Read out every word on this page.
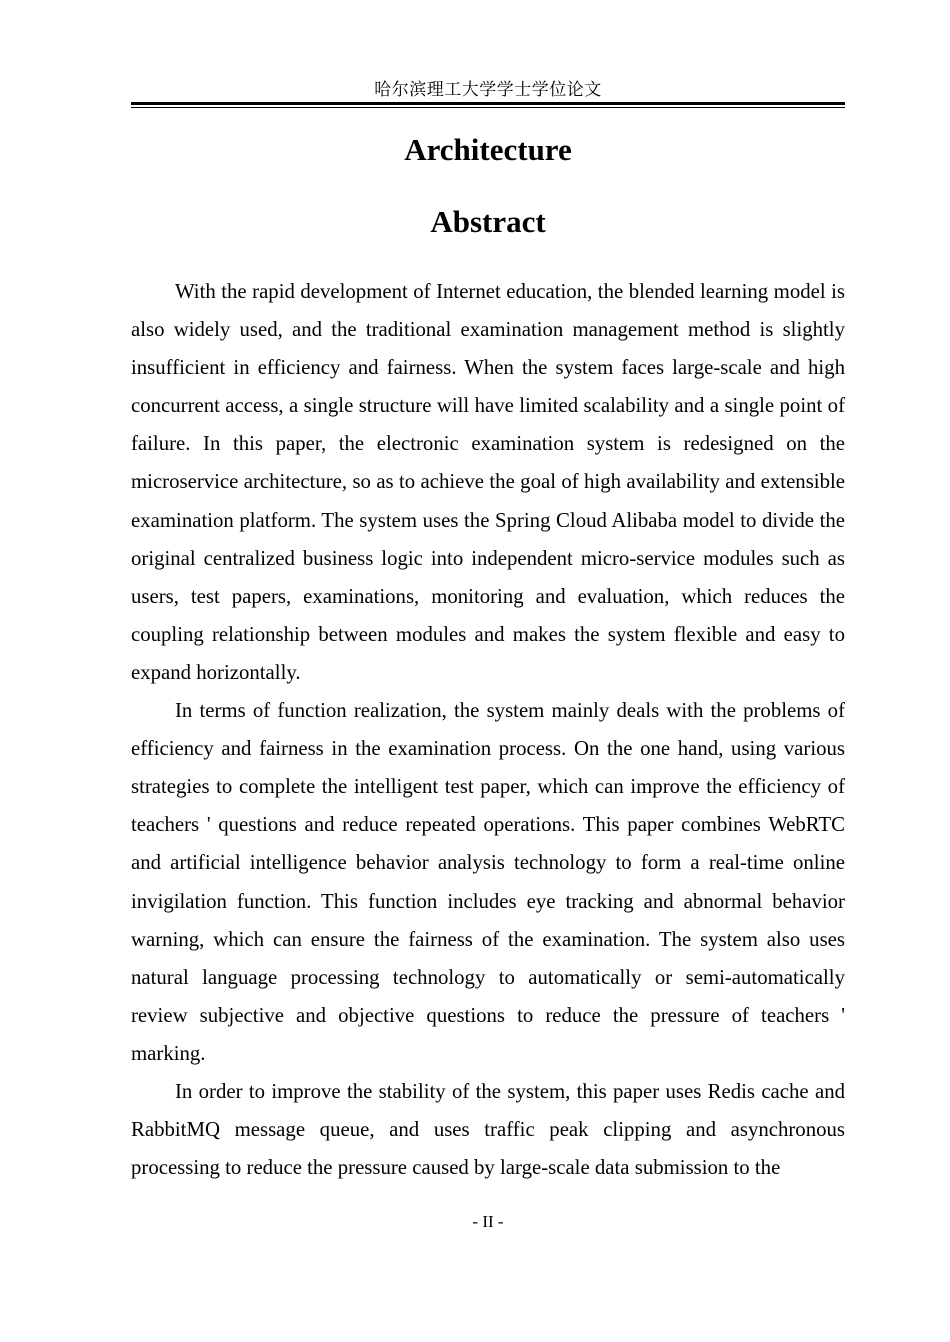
哈尔滨理工大学学士学位论文
Architecture
Abstract

With the rapid development of Internet education, the blended learning model is also widely used, and the traditional examination management method is slightly insufficient in efficiency and fairness. When the system faces large-scale and high concurrent access, a single structure will have limited scalability and a single point of failure. In this paper, the electronic examination system is redesigned on the microservice architecture, so as to achieve the goal of high availability and extensible examination platform. The system uses the Spring Cloud Alibaba model to divide the original centralized business logic into independent micro-service modules such as users, test papers, examinations, monitoring and evaluation, which reduces the coupling relationship between modules and makes the system flexible and easy to expand horizontally.

In terms of function realization, the system mainly deals with the problems of efficiency and fairness in the examination process. On the one hand, using various strategies to complete the intelligent test paper, which can improve the efficiency of teachers ' questions and reduce repeated operations. This paper combines WebRTC and artificial intelligence behavior analysis technology to form a real-time online invigilation function. This function includes eye tracking and abnormal behavior warning, which can ensure the fairness of the examination. The system also uses natural language processing technology to automatically or semi-automatically review subjective and objective questions to reduce the pressure of teachers ' marking.

In order to improve the stability of the system, this paper uses Redis cache and RabbitMQ message queue, and uses traffic peak clipping and asynchronous processing to reduce the pressure caused by large-scale data submission to the

- II -
